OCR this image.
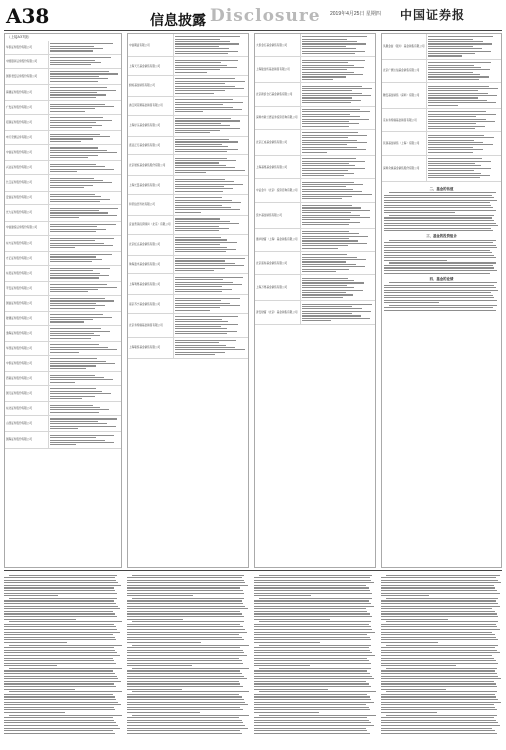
A38	信息披露 Disclosure 2019年4月25日 星期四 中国证券报
（上接A37版）
华泰证券股份有限公司
中国银河证券股份有限公司
国泰君安证券股份有限公司
海通证券股份有限公司
广发证券股份有限公司
招商证券股份有限公司
申万宏源证券有限公司
中信证券股份有限公司
兴业证券股份有限公司
长江证券股份有限公司
安信证券股份有限公司
光大证券股份有限公司
中信建投证券股份有限公司
东方证券股份有限公司
方正证券股份有限公司
东吴证券股份有限公司
平安证券股份有限公司
国信证券股份有限公司
财通证券股份有限公司
渤海证券股份有限公司
华西证券股份有限公司
中泰证券股份有限公司
西南证券股份有限公司
国元证券股份有限公司
东北证券股份有限公司
山西证券股份有限公司
国海证券股份有限公司
中信期货有限公司
上海天天基金销售有限公司
蚂蚁基金销售有限公司
浙江同花顺基金销售有限公司
上海好买基金销售有限公司
诺亚正行基金销售有限公司
北京展恒基金销售股份有限公司
上海长量基金销售有限公司
和讯信息科技有限公司
宜信普泽投资顾问（北京）有限公司
北京虹点基金销售有限公司
珠海盈米基金销售有限公司
上海利得基金销售有限公司
南京苏宁基金销售有限公司
北京肯特瑞基金销售有限公司
上海联泰基金销售有限公司
大泰金石基金销售有限公司
上海陆金所基金销售有限公司
北京新浪仓石基金销售有限公司
深圳市新兰德证券投资咨询有限公司
北京汇成基金销售有限公司
上海基煜基金销售有限公司
中证金牛（北京）投资咨询有限公司
奕丰基金销售有限公司
通华财富（上海）基金销售有限公司
北京蛋卷基金销售有限公司
上海万得基金销售有限公司
济安财富（北京）基金销售有限公司
凤凰金信（银川）基金销售有限公司
北京广源达信基金销售有限公司
腾安基金销售（深圳）有限公司
京东肯特瑞基金销售有限公司
民商基金销售（上海）有限公司
深圳众禄基金销售股份有限公司
二、基金的估值
三、基金的投资组合
四、基金的业绩
